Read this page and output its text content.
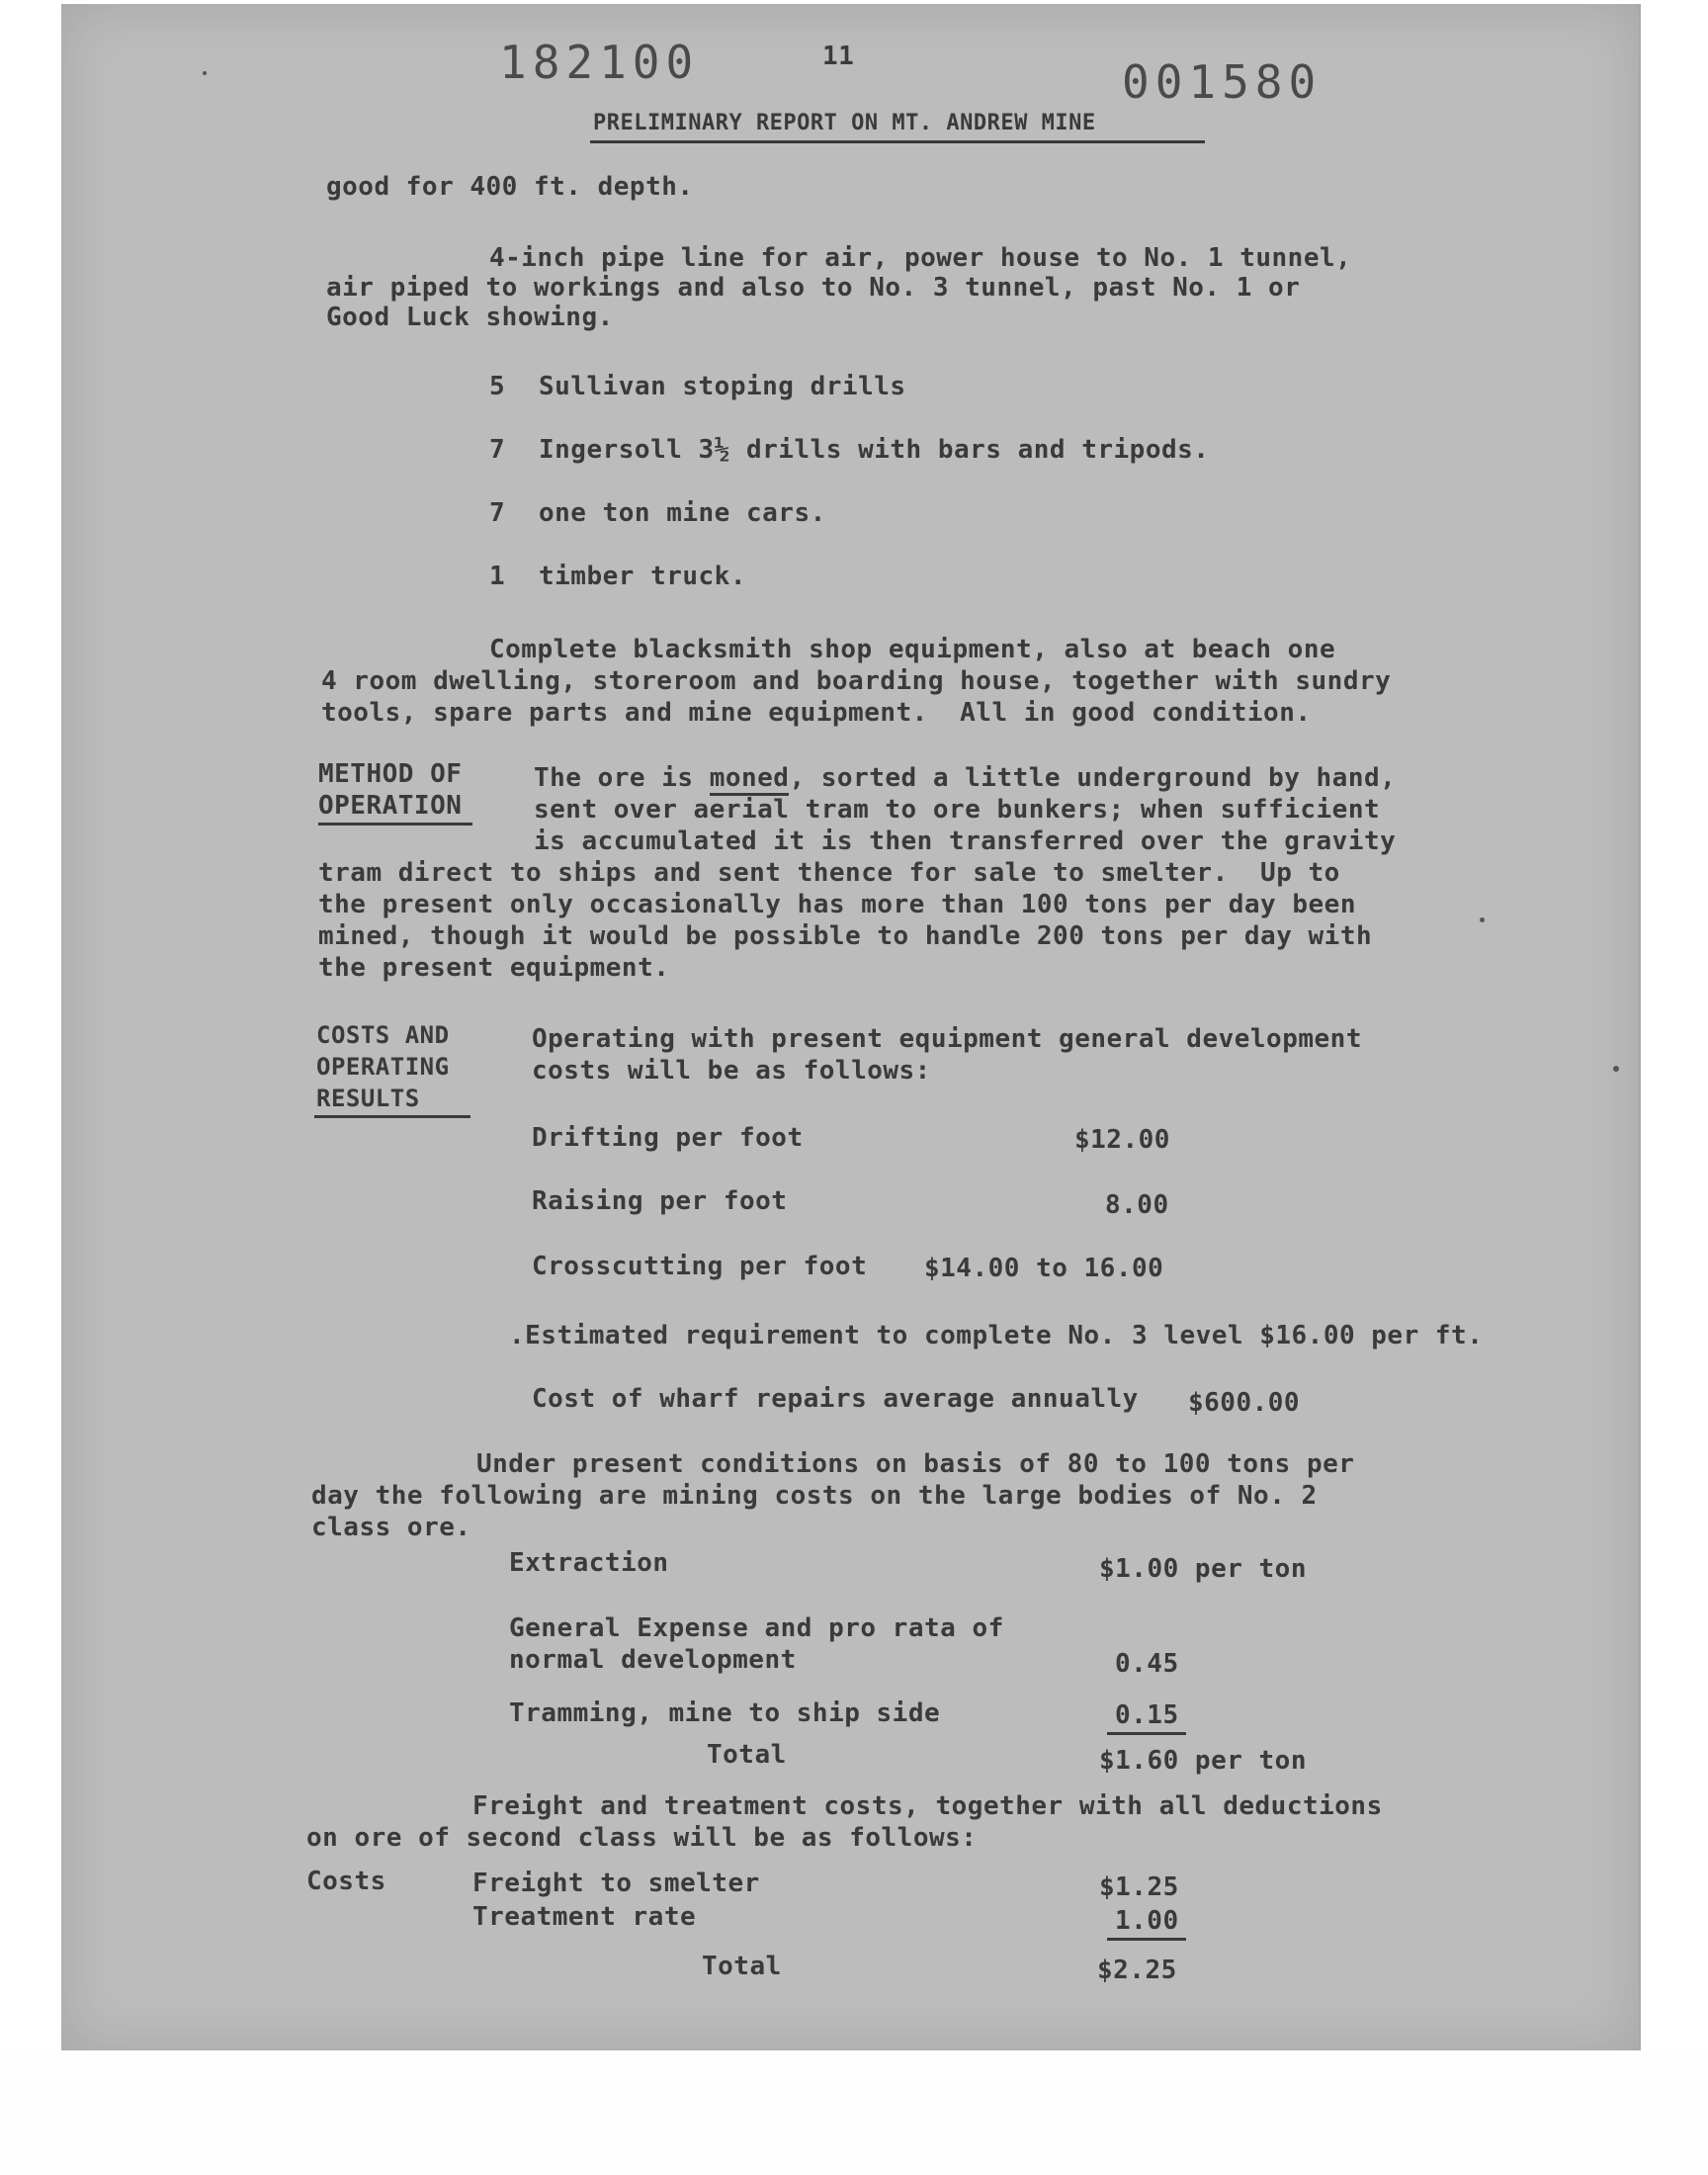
182100	11	001580
PRELIMINARY REPORT ON MT. ANDREW MINE
good for 400 ft. depth.
4-inch pipe line for air, power house to No. 1 tunnel,
air piped to workings and also to No. 3 tunnel, past No. 1 or
Good Luck showing.
5 Sullivan stoping drills
7 Ingersoll 3½ drills with bars and tripods.
7 one ton mine cars.
1 timber truck.
Complete blacksmith shop equipment, also at beach one
4 room dwelling, storeroom and boarding house, together with sundry
tools, spare parts and mine equipment.  All in good condition.
METHOD OF
OPERATION
The ore is moned, sorted a little underground by hand,
sent over aerial tram to ore bunkers; when sufficient
is accumulated it is then transferred over the gravity
tram direct to ships and sent thence for sale to smelter.  Up to
the present only occasionally has more than 100 tons per day been
mined, though it would be possible to handle 200 tons per day with
the present equipment.
COSTS AND
OPERATING
RESULTS
Operating with present equipment general development
costs will be as follows:
Drifting per foot	$12.00
Raising per foot	8.00
Crosscutting per foot $14.00 to 16.00
.Estimated requirement to complete No. 3 level $16.00 per ft.
Cost of wharf repairs average annually $600.00
Under present conditions on basis of 80 to 100 tons per
day the following are mining costs on the large bodies of No. 2
class ore.
Extraction	$1.00 per ton
General Expense and pro rata of
normal development	0.45
Tramming, mine to ship side	0.15
Total	$1.60 per ton
Freight and treatment costs, together with all deductions
on ore of second class will be as follows:
Costs	Freight to smelter	$1.25
Treatment rate	1.00
Total	$2.25
